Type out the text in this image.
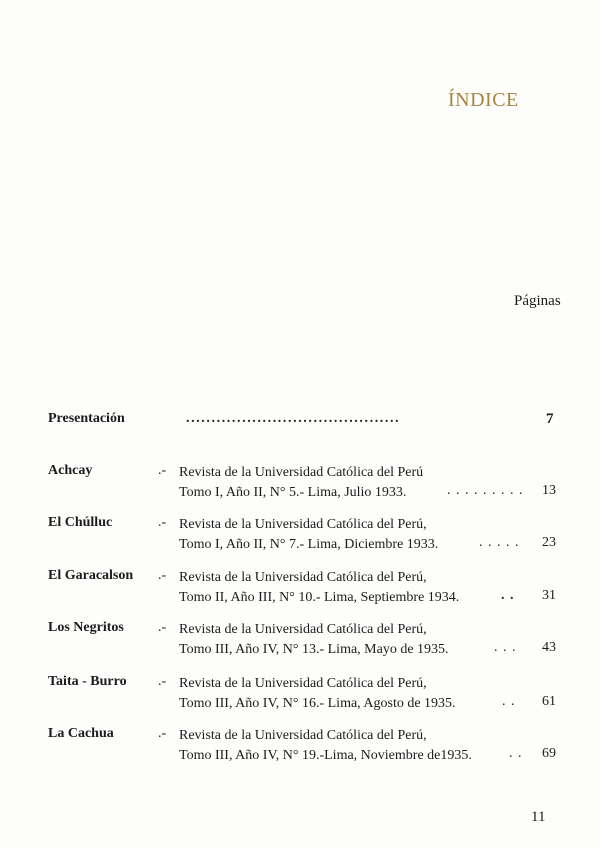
ÍNDICE
Páginas
Presentación	..........................................	7
Achcay	.- Revista de la Universidad Católica del Perú
Tomo I, Año II, N° 5.- Lima, Julio 1933.	. . . . . . . . . 13
El Chúlluc	.- Revista de la Universidad Católica del Perú,
Tomo I, Año II, N° 7.- Lima, Diciembre 1933.	. . . . . 23
El Garacalson .- Revista de la Universidad Católica del Perú,
Tomo II, Año III, N° 10.- Lima, Septiembre 1934.	. . 31
Los Negritos .- Revista de la Universidad Católica del Perú,
Tomo III, Año IV, N° 13.- Lima, Mayo de 1935.	. . . 43
Taita - Burro .- Revista de la Universidad Católica del Perú,
Tomo III, Año IV, N° 16.- Lima, Agosto de 1935.	. . 61
La Cachua	.- Revista de la Universidad Católica del Perú,
Tomo III, Año IV, N° 19.-Lima, Noviembre de1935.	. . 69
11
